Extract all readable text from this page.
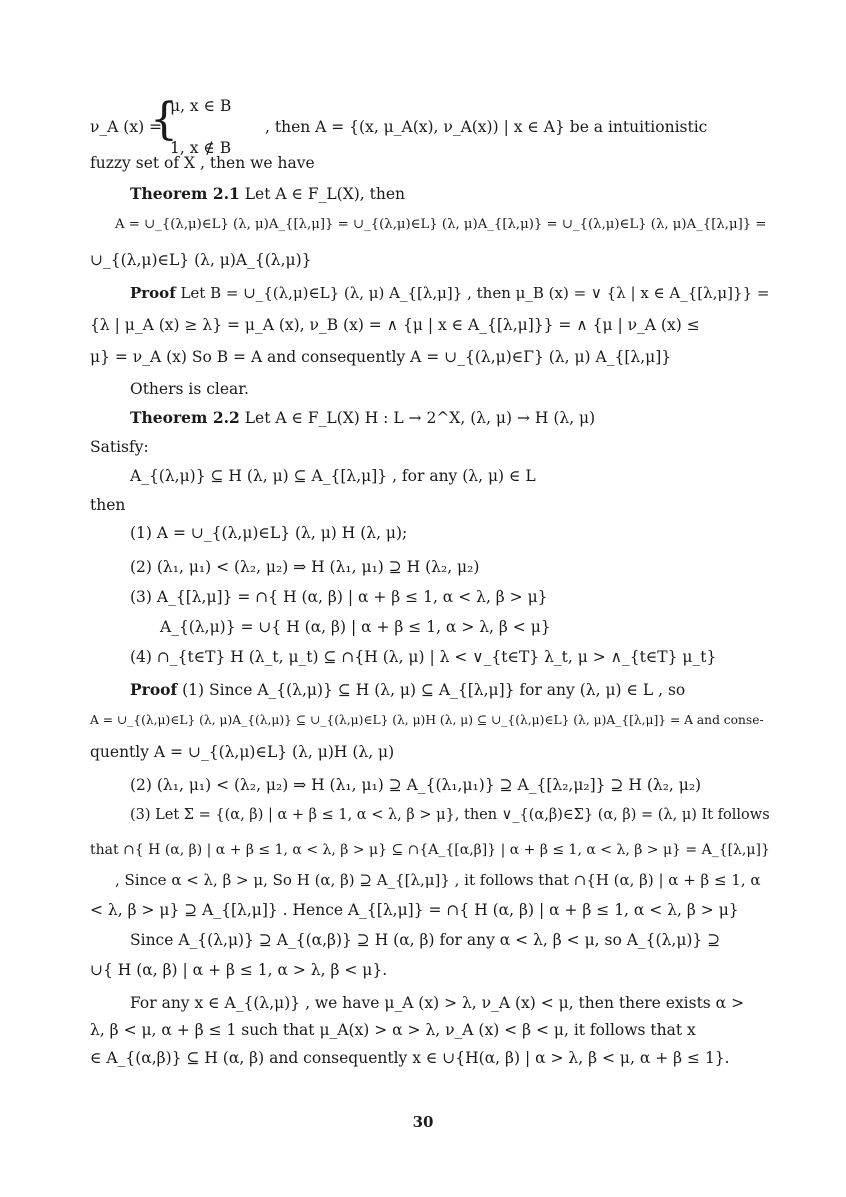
{
μ, x ∈ B
ν_A (x) =	, then A = {(x, μ_A(x), ν_A(x)) | x ∈ A} be a intuitionistic
1, x ∉ B
fuzzy set of X , then we have
Theorem 2.1 Let A ∈ F_L(X), then
A = ∪_{(λ,μ)∈L} (λ, μ)A_{[λ,μ]} = ∪_{(λ,μ)∈L} (λ, μ)A_{[λ,μ)} = ∪_{(λ,μ)∈L} (λ, μ)A_{[λ,μ]} =
∪_{(λ,μ)∈L} (λ, μ)A_{(λ,μ)}
Proof Let B = ∪_{(λ,μ)∈L} (λ, μ) A_{[λ,μ]} , then μ_B (x) = ∨ {λ | x ∈ A_{[λ,μ]}} =
{λ | μ_A (x) ≥ λ} = μ_A (x), ν_B (x) = ∧ {μ | x ∈ A_{[λ,μ]}} = ∧ {μ | ν_A (x) ≤
μ} = ν_A (x) So B = A and consequently A = ∪_{(λ,μ)∈Γ} (λ, μ) A_{[λ,μ]}
Others is clear.
Theorem 2.2 Let A ∈ F_L(X) H : L → 2^X, (λ, μ) → H (λ, μ)
Satisfy:
A_{(λ,μ)} ⊆ H (λ, μ) ⊆ A_{[λ,μ]} , for any (λ, μ) ∈ L
then
(1) A = ∪_{(λ,μ)∈L} (λ, μ) H (λ, μ);
(2) (λ₁, μ₁) < (λ₂, μ₂) ⇒ H (λ₁, μ₁) ⊇ H (λ₂, μ₂)
(3) A_{[λ,μ]} = ∩{ H (α, β) | α + β ≤ 1, α < λ, β > μ}
A_{(λ,μ)} = ∪{ H (α, β) | α + β ≤ 1, α > λ, β < μ}
(4) ∩_{t∈T} H (λ_t, μ_t) ⊆ ∩{H (λ, μ) | λ < ∨_{t∈T} λ_t, μ > ∧_{t∈T} μ_t}
Proof (1) Since A_{(λ,μ)} ⊆ H (λ, μ) ⊆ A_{[λ,μ]} for any (λ, μ) ∈ L , so
A = ∪_{(λ,μ)∈L} (λ, μ)A_{(λ,μ)} ⊆ ∪_{(λ,μ)∈L} (λ, μ)H (λ, μ) ⊆ ∪_{(λ,μ)∈L} (λ, μ)A_{[λ,μ]} = A and conse-
quently A = ∪_{(λ,μ)∈L} (λ, μ)H (λ, μ)
(2) (λ₁, μ₁) < (λ₂, μ₂) ⇒ H (λ₁, μ₁) ⊇ A_{(λ₁,μ₁)} ⊇ A_{[λ₂,μ₂]} ⊇ H (λ₂, μ₂)
(3) Let Σ = {(α, β) | α + β ≤ 1, α < λ, β > μ}, then ∨_{(α,β)∈Σ} (α, β) = (λ, μ) It follows
that ∩{ H (α, β) | α + β ≤ 1, α < λ, β > μ} ⊆ ∩{A_{[α,β]} | α + β ≤ 1, α < λ, β > μ} = A_{[λ,μ]}
, Since α < λ, β > μ, So H (α, β) ⊇ A_{[λ,μ]} , it follows that ∩{H (α, β) | α + β ≤ 1, α
< λ, β > μ} ⊇ A_{[λ,μ]} . Hence A_{[λ,μ]} = ∩{ H (α, β) | α + β ≤ 1, α < λ, β > μ}
Since A_{(λ,μ)} ⊇ A_{(α,β)} ⊇ H (α, β) for any α < λ, β < μ, so A_{(λ,μ)} ⊇
∪{ H (α, β) | α + β ≤ 1, α > λ, β < μ}.
For any x ∈ A_{(λ,μ)} , we have μ_A (x) > λ, ν_A (x) < μ, then there exists α >
λ, β < μ, α + β ≤ 1 such that μ_A(x) > α > λ, ν_A (x) < β < μ, it follows that x
∈ A_{(α,β)} ⊆ H (α, β) and consequently x ∈ ∪{H(α, β) | α > λ, β < μ, α + β ≤ 1}.
30
